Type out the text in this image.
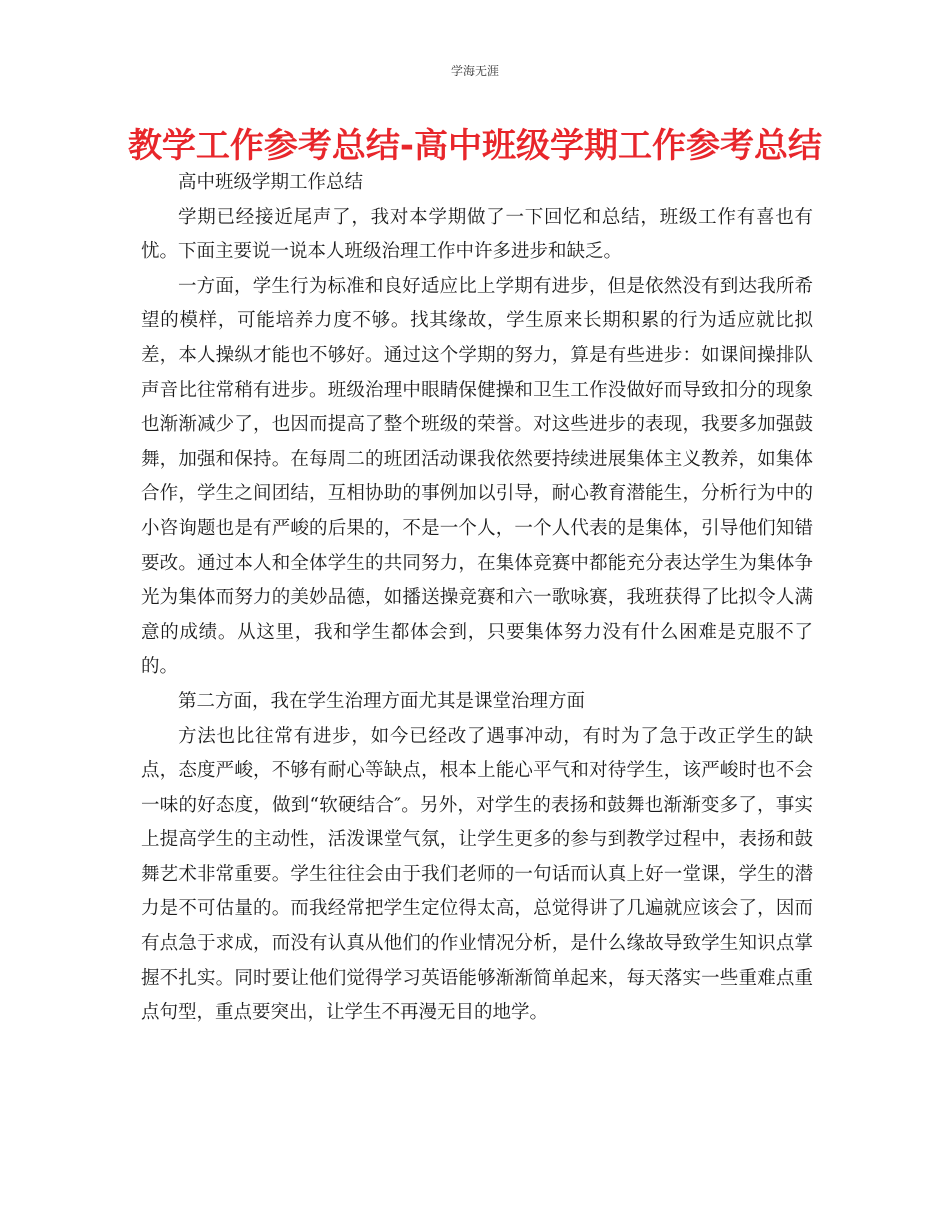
学海无涯
教学工作参考总结-高中班级学期工作参考总结

高中班级学期工作总结

学期已经接近尾声了，我对本学期做了一下回忆和总结，班级工作有喜也有忧。下面主要说一说本人班级治理工作中许多进步和缺乏。

一方面，学生行为标准和良好适应比上学期有进步，但是依然没有到达我所希望的模样，可能培养力度不够。找其缘故，学生原来长期积累的行为适应就比拟差，本人操纵才能也不够好。通过这个学期的努力，算是有些进步：如课间操排队声音比往常稍有进步。班级治理中眼睛保健操和卫生工作没做好而导致扣分的现象也渐渐减少了，也因而提高了整个班级的荣誉。对这些进步的表现，我要多加强鼓舞，加强和保持。在每周二的班团活动课我依然要持续进展集体主义教养，如集体合作，学生之间团结，互相协助的事例加以引导，耐心教育潜能生，分析行为中的小咨询题也是有严峻的后果的，不是一个人，一个人代表的是集体，引导他们知错要改。通过本人和全体学生的共同努力，在集体竞赛中都能充分表达学生为集体争光为集体而努力的美妙品德，如播送操竞赛和六一歌咏赛，我班获得了比拟令人满意的成绩。从这里，我和学生都体会到，只要集体努力没有什么困难是克服不了的。

第二方面，我在学生治理方面尤其是课堂治理方面

方法也比往常有进步，如今已经改了遇事冲动，有时为了急于改正学生的缺点，态度严峻，不够有耐心等缺点，根本上能心平气和对待学生，该严峻时也不会一味的好态度，做到“软硬结合″。另外，对学生的表扬和鼓舞也渐渐变多了，事实上提高学生的主动性，活泼课堂气氛，让学生更多的参与到教学过程中，表扬和鼓舞艺术非常重要。学生往往会由于我们老师的一句话而认真上好一堂课，学生的潜力是不可估量的。而我经常把学生定位得太高，总觉得讲了几遍就应该会了，因而有点急于求成，而没有认真从他们的作业情况分析，是什么缘故导致学生知识点掌握不扎实。同时要让他们觉得学习英语能够渐渐简单起来，每天落实一些重难点重点句型，重点要突出，让学生不再漫无目的地学。
